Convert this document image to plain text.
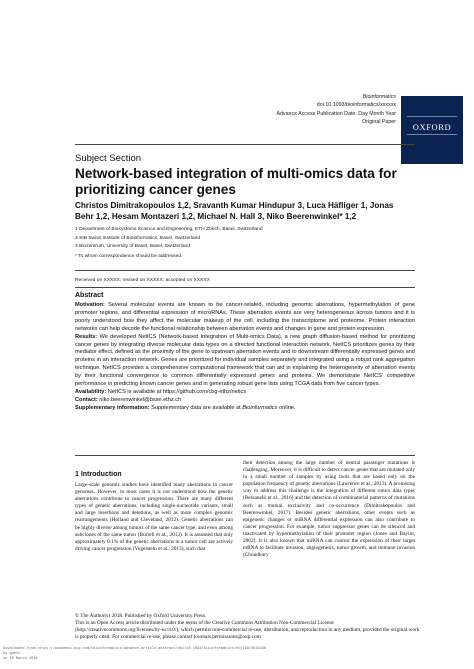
Bioinformatics
doi.10.1093/bioinformatics/xxxxxx
Advance Access Publication Date: Day Month Year
Original Paper
OXFORD
Subject Section
Network-based integration of multi-omics data for prioritizing cancer genes
Christos Dimitrakopoulos 1,2, Sravanth Kumar Hindupur 3, Luca Häfliger 1, Jonas Behr 1,2, Hesam Montazeri 1,2, Michael N. Hall 3, Niko Beerenwinkel* 1,2
1 Department of Biosystems Science and Engineering, ETH Zürich, Basel, Switzerland
2 SIB Swiss Institute of Bioinformatics, Basel, Switzerland
3 Biozentrum, University of Basel, Basel, Switzerland
* To whom correspondence should be addressed.
Received on XXXXX; revised on XXXXX; accepted on XXXXX
Abstract

Motivation: Several molecular events are known to be cancer-related, including genomic aberrations, hypermethylation of gene promoter regions, and differential expression of microRNAs. These aberration events are very heterogeneous across tumors and it is poorly understood how they affect the molecular makeup of the cell, including the transcriptome and proteome. Protein interaction networks can help decode the functional relationship between aberration events and changes in gene and protein expression.

Results: We developed NetICS (Network-based Integration of Multi-omics Data), a new graph diffusion-based method for prioritizing cancer genes by integrating diverse molecular data types on a directed functional interaction network. NetICS prioritizes genes by their mediator effect, defined as the proximity of the gene to upstream aberration events and to downstream differentially expressed genes and proteins in an interaction network. Genes are prioritized for individual samples separately and integrated using a robust rank aggregation technique. NetICS provides a comprehensive computational framework that can aid in explaining the heterogeneity of aberration events by their functional convergence to common differentially expressed genes and proteins. We demonstrate NetICS' competitive performance in predicting known cancer genes and in generating robust gene lists using TCGA data from five cancer types.

Availability: NetICS is available at https://github.com/cbg-ethz/netics

Contact: niko.beerenwinkel@bsse.ethz.ch

Supplementary information: Supplementary data are available at Bioinformatics online.

1 Introduction

Large-scale genomic studies have identified many aberrations in cancer genomes. However, in most cases it is not understood how the genetic aberrations contribute to cancer progression. There are many different types of genetic aberrations, including single-nucleotide variants, small and large insertions and deletions, as well as more complex genomic rearrangements (Holland and Cleveland, 2012). Genetic aberrations can be highly diverse among tumors of the same cancer type, and even among subclones of the same tumor (Burrell et al., 2013). It is assumed that only approximately 0.1% of the genetic aberrations in a tumor cell are actively driving cancer progression (Vogelstein et al., 2013), such that

their detection among the large number of neutral passenger mutations is challenging. Moreover, it is difficult to detect cancer genes that are mutated only in a small number of samples by using tools that are based only on the population frequency of genetic aberrations (Lawrence et al., 2013). A promising way to address this challenge is the integration of different omics data types (Bersanelli et al., 2016) and the detection of combinatorial patterns of mutations such as mutual exclusivity and co-occurrence (Dimitrakopoulos and Beerenwinkel, 2017). Besides genetic aberrations, other events such as epigenetic changes or miRNA differential expression can also contribute to cancer progression. For example, tumor suppressor genes can be silenced and inactivated by hypermethylation of their promoter region (Jones and Baylin, 2002). It is also known that miRNA can control the expression of their target mRNA to facilitate invasion, angiogenesis, tumor growth, and immune invasion (Choudhury

© The Author(s) 2018. Published by Oxford University Press.

This is an Open Access article distributed under the terms of the Creative Commons Attribution Non-Commercial License (http://creativecommons.org/licenses/by-nc/4.0/), which permits non-commercial re-use, distribution, and reproduction in any medium, provided the original work is properly cited. For commercial re-use, please contact journals.permissions@oup.com

Downloaded from https://academic.oup.com/bioinformatics/advance-article-abstract/doi/10.1093/bioinformatics/bty148/4916436
by guest
on 19 March 2018
